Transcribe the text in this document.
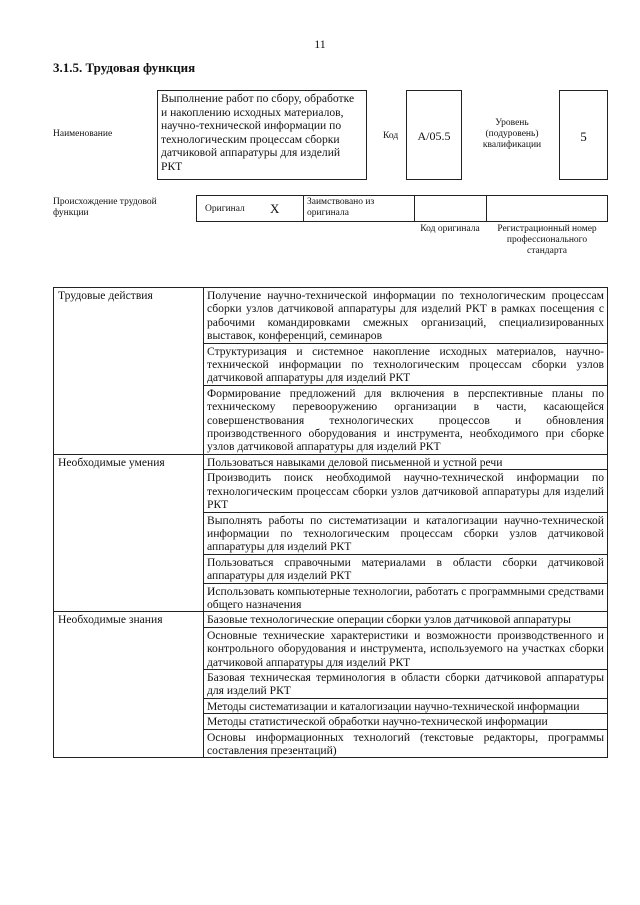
11
3.1.5. Трудовая функция
Наименование
Выполнение работ по сбору, обработке и накоплению исходных материалов, научно-технической информации по технологическим процессам сборки датчиковой аппаратуры для изделий РКТ
Код	A/05.5
Уровень (подуровень) квалификации
5
Происхождение трудовой функции	Оригинал X	Заимствовано из оригинала
Код оригинала	Регистрационный номер профессионального стандарта
Трудовые действия	Получение научно-технической информации по технологическим процессам сборки узлов датчиковой аппаратуры для изделий РКТ в рамках посещения с рабочими командировками смежных организаций, специализированных выставок, конференций, семинаров
	Структуризация и системное накопление исходных материалов, научно-технической информации по технологическим процессам сборки узлов датчиковой аппаратуры для изделий РКТ
	Формирование предложений для включения в перспективные планы по техническому перевооружению организации в части, касающейся совершенствования технологических процессов и обновления производственного оборудования и инструмента, необходимого при сборке узлов датчиковой аппаратуры для изделий РКТ
Необходимые умения	Пользоваться навыками деловой письменной и устной речи
	Производить поиск необходимой научно-технической информации по технологическим процессам сборки узлов датчиковой аппаратуры для изделий РКТ
	Выполнять работы по систематизации и каталогизации научно-технической информации по технологическим процессам сборки узлов датчиковой аппаратуры для изделий РКТ
	Пользоваться справочными материалами в области сборки датчиковой аппаратуры для изделий РКТ
	Использовать компьютерные технологии, работать с программными средствами общего назначения
Необходимые знания	Базовые технологические операции сборки узлов датчиковой аппаратуры
	Основные технические характеристики и возможности производственного и контрольного оборудования и инструмента, используемого на участках сборки датчиковой аппаратуры для изделий РКТ
	Базовая техническая терминология в области сборки датчиковой аппаратуры для изделий РКТ
	Методы систематизации и каталогизации научно-технической информации
	Методы статистической обработки научно-технической информации
	Основы информационных технологий (текстовые редакторы, программы составления презентаций)
